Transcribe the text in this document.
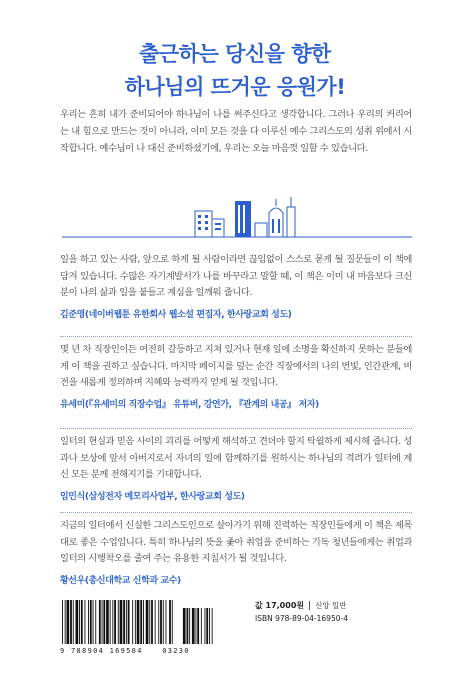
출근하는 당신을 향한
하나님의 뜨거운 응원가!
우리는 흔히 내가 준비되어야 하나님이 나를 써주신다고 생각합니다. 그러나 우리의 커리어는 내 힘으로 만드는 것이 아니라, 이미 모든 것을 다 이루신 예수 그리스도의 성취 위에서 시작합니다. 예수님이 나 대신 준비하셨기에, 우리는 오늘 마음껏 일할 수 있습니다.
일을 하고 있는 사람, 앞으로 하게 될 사람이라면 끊임없이 스스로 묻게 될 질문들이 이 책에 담겨 있습니다. 수많은 자기계발서가 나를 바꾸라고 말할 때, 이 책은 이미 내 마음보다 크신 분이 나의 삶과 일을 붙들고 계심을 일깨워 줍니다.
김준영(네이버웹툰 유한회사 웹소설 편집자, 한사랑교회 성도)
몇 년 차 직장인이든 여전히 갈등하고 지쳐 있거나 현재 일에 소명을 확신하지 못하는 분들에게 이 책을 권하고 싶습니다. 마지막 페이지를 덮는 순간 직장에서의 나의 번빛, 인간관계, 비전을 새롭게 정의하며 지혜와 능력까지 얻게 될 것입니다.
유세미(『유세미의 직장수업』 유튜버, 강연가, 『관계의 내공』 저자)
일터의 현실과 믿음 사이의 괴리를 어떻게 해석하고 견뎌야 할지 탁월하게 제시해 줍니다. 성과나 보상에 앞서 아버지로서 자녀의 일에 함께하기를 원하시는 하나님의 격려가 일터에 계신 모든 분께 전해지기를 기대합니다.
임민식(삼성전자 메모리사업부, 한사랑교회 성도)
지금의 일터에서 신실한 그리스도인으로 살아가기 위해 진력하는 직장인들에게 이 책은 제목대로 좋은 수업입니다. 특히 하나님의 뜻을 좇아 취업을 준비하는 기독 청년들에게는 취업과 일터의 시행착오를 줄여 주는 유용한 지침서가 될 것입니다.
황선우(총신대학교 신학과 교수)
9 788904 169504	03230
값 17,000원 신앙 일반
ISBN 978-89-04-16950-4
